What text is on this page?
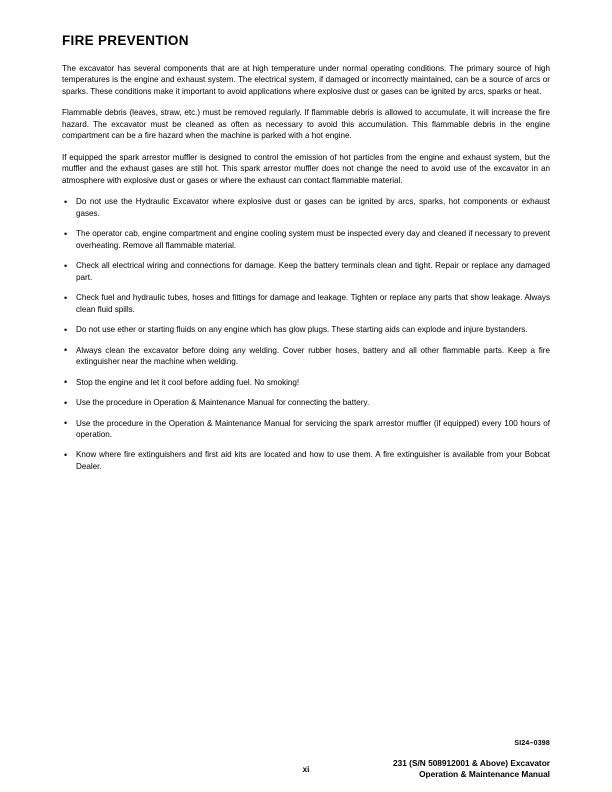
FIRE PREVENTION

The excavator has several components that are at high temperature under normal operating conditions. The primary source of high temperatures is the engine and exhaust system. The electrical system, if damaged or incorrectly maintained, can be a source of arcs or sparks. These conditions make it important to avoid applications where explosive dust or gases can be ignited by arcs, sparks or heat.

Flammable debris (leaves, straw, etc.) must be removed regularly. If flammable debris is allowed to accumulate, it will increase the fire hazard. The excavator must be cleaned as often as necessary to avoid this accumulation. This flammable debris in the engine compartment can be a fire hazard when the machine is parked with a hot engine.

If equipped the spark arrestor muffler is designed to control the emission of hot particles from the engine and exhaust system, but the muffler and the exhaust gases are still hot. This spark arrestor muffler does not change the need to avoid use of the excavator in an atmosphere with explosive dust or gases or where the exhaust can contact flammable material.

• Do not use the Hydraulic Excavator where explosive dust or gases can be ignited by arcs, sparks, hot components or exhaust gases.
• The operator cab, engine compartment and engine cooling system must be inspected every day and cleaned if necessary to prevent overheating. Remove all flammable material.
• Check all electrical wiring and connections for damage. Keep the battery terminals clean and tight. Repair or replace any damaged part.
• Check fuel and hydraulic tubes, hoses and fittings for damage and leakage. Tighten or replace any parts that show leakage. Always clean fluid spills.
• Do not use ether or starting fluids on any engine which has glow plugs. These starting aids can explode and injure bystanders.
• Always clean the excavator before doing any welding. Cover rubber hoses, battery and all other flammable parts. Keep a fire extinguisher near the machine when welding.
• Stop the engine and let it cool before adding fuel. No smoking!
• Use the procedure in Operation & Maintenance Manual for connecting the battery.
• Use the procedure in the Operation & Maintenance Manual for servicing the spark arrestor muffler (if equipped) every 100 hours of operation.
• Know where fire extinguishers and first aid kits are located and how to use them. A fire extinguisher is available from your Bobcat Dealer.
SI24–0398
231 (S/N 508912001 & Above) Excavator
Operation & Maintenance Manual
xi
